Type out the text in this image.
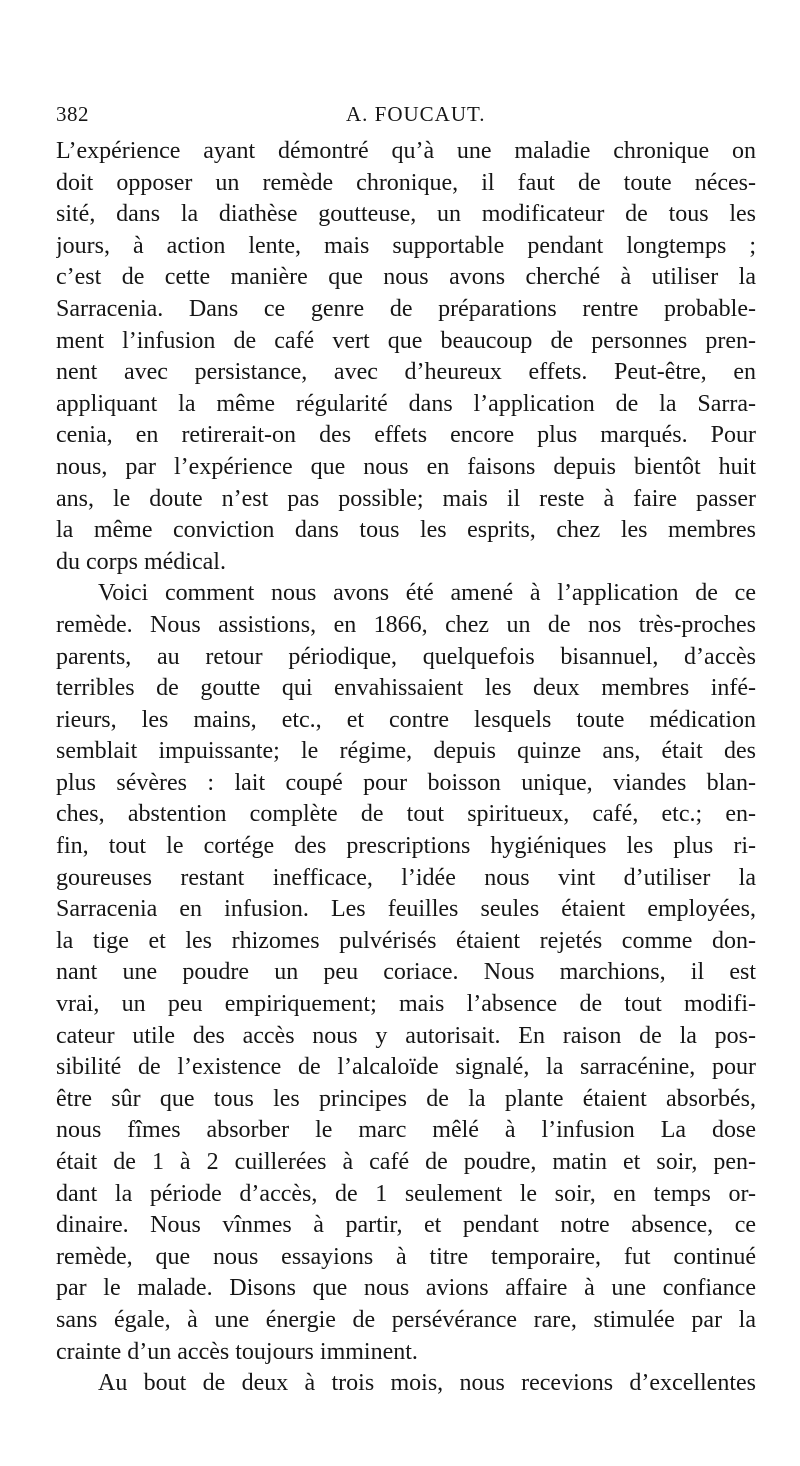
382	A. FOUCAUT.
L’expérience ayant démontré qu’à une maladie chronique on
doit opposer un remède chronique, il faut de toute néces-
sité, dans la diathèse goutteuse, un modificateur de tous les
jours, à action lente, mais supportable pendant longtemps ;
c’est de cette manière que nous avons cherché à utiliser la
Sarracenia. Dans ce genre de préparations rentre probable-
ment l’infusion de café vert que beaucoup de personnes pren-
nent avec persistance, avec d’heureux effets. Peut-être, en
appliquant la même régularité dans l’application de la Sarra-
cenia, en retirerait-on des effets encore plus marqués. Pour
nous, par l’expérience que nous en faisons depuis bientôt huit
ans, le doute n’est pas possible; mais il reste à faire passer
la même conviction dans tous les esprits, chez les membres
du corps médical.
Voici comment nous avons été amené à l’application de ce
remède. Nous assistions, en 1866, chez un de nos très-proches
parents, au retour périodique, quelquefois bisannuel, d’accès
terribles de goutte qui envahissaient les deux membres infé-
rieurs, les mains, etc., et contre lesquels toute médication
semblait impuissante; le régime, depuis quinze ans, était des
plus sévères : lait coupé pour boisson unique, viandes blan-
ches, abstention complète de tout spiritueux, café, etc.; en-
fin, tout le cortége des prescriptions hygiéniques les plus ri-
goureuses restant inefficace, l’idée nous vint d’utiliser la
Sarracenia en infusion. Les feuilles seules étaient employées,
la tige et les rhizomes pulvérisés étaient rejetés comme don-
nant une poudre un peu coriace. Nous marchions, il est
vrai, un peu empiriquement; mais l’absence de tout modifi-
cateur utile des accès nous y autorisait. En raison de la pos-
sibilité de l’existence de l’alcaloïde signalé, la sarracénine, pour
être sûr que tous les principes de la plante étaient absorbés,
nous fîmes absorber le marc mêlé à l’infusion La dose
était de 1 à 2 cuillerées à café de poudre, matin et soir, pen-
dant la période d’accès, de 1 seulement le soir, en temps or-
dinaire. Nous vînmes à partir, et pendant notre absence, ce
remède, que nous essayions à titre temporaire, fut continué
par le malade. Disons que nous avions affaire à une confiance
sans égale, à une énergie de persévérance rare, stimulée par la
crainte d’un accès toujours imminent.
Au bout de deux à trois mois, nous recevions d’excellentes
